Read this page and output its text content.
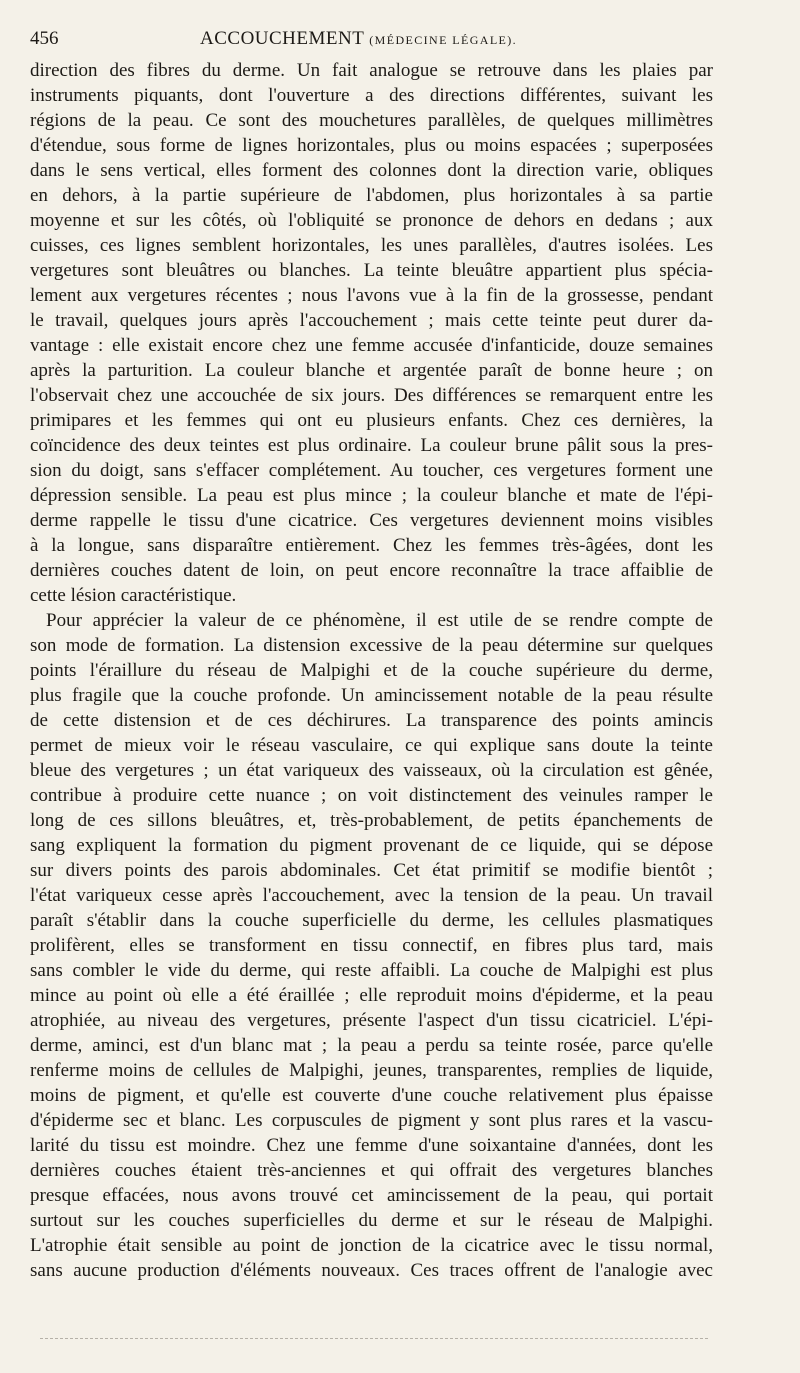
456	ACCOUCHEMENT (MÉDECINE LÉGALE).
direction des fibres du derme. Un fait analogue se retrouve dans les plaies par
instruments piquants, dont l'ouverture a des directions différentes, suivant les
régions de la peau. Ce sont des mouchetures parallèles, de quelques millimètres
d'étendue, sous forme de lignes horizontales, plus ou moins espacées ; superposées
dans le sens vertical, elles forment des colonnes dont la direction varie, obliques
en dehors, à la partie supérieure de l'abdomen, plus horizontales à sa partie
moyenne et sur les côtés, où l'obliquité se prononce de dehors en dedans ; aux
cuisses, ces lignes semblent horizontales, les unes parallèles, d'autres isolées. Les
vergetures sont bleuâtres ou blanches. La teinte bleuâtre appartient plus spécia-
lement aux vergetures récentes ; nous l'avons vue à la fin de la grossesse, pendant
le travail, quelques jours après l'accouchement ; mais cette teinte peut durer da-
vantage : elle existait encore chez une femme accusée d'infanticide, douze semaines
après la parturition. La couleur blanche et argentée paraît de bonne heure ; on
l'observait chez une accouchée de six jours. Des différences se remarquent entre les
primipares et les femmes qui ont eu plusieurs enfants. Chez ces dernières, la
coïncidence des deux teintes est plus ordinaire. La couleur brune pâlit sous la pres-
sion du doigt, sans s'effacer complétement. Au toucher, ces vergetures forment une
dépression sensible. La peau est plus mince ; la couleur blanche et mate de l'épi-
derme rappelle le tissu d'une cicatrice. Ces vergetures deviennent moins visibles
à la longue, sans disparaître entièrement. Chez les femmes très-âgées, dont les
dernières couches datent de loin, on peut encore reconnaître la trace affaiblie de
cette lésion caractéristique.
Pour apprécier la valeur de ce phénomène, il est utile de se rendre compte de
son mode de formation. La distension excessive de la peau détermine sur quelques
points l'éraillure du réseau de Malpighi et de la couche supérieure du derme,
plus fragile que la couche profonde. Un amincissement notable de la peau résulte
de cette distension et de ces déchirures. La transparence des points amincis
permet de mieux voir le réseau vasculaire, ce qui explique sans doute la teinte
bleue des vergetures ; un état variqueux des vaisseaux, où la circulation est gênée,
contribue à produire cette nuance ; on voit distinctement des veinules ramper le
long de ces sillons bleuâtres, et, très-probablement, de petits épanchements de
sang expliquent la formation du pigment provenant de ce liquide, qui se dépose
sur divers points des parois abdominales. Cet état primitif se modifie bientôt ;
l'état variqueux cesse après l'accouchement, avec la tension de la peau. Un travail
paraît s'établir dans la couche superficielle du derme, les cellules plasmatiques
prolifèrent, elles se transforment en tissu connectif, en fibres plus tard, mais
sans combler le vide du derme, qui reste affaibli. La couche de Malpighi est plus
mince au point où elle a été éraillée ; elle reproduit moins d'épiderme, et la peau
atrophiée, au niveau des vergetures, présente l'aspect d'un tissu cicatriciel. L'épi-
derme, aminci, est d'un blanc mat ; la peau a perdu sa teinte rosée, parce qu'elle
renferme moins de cellules de Malpighi, jeunes, transparentes, remplies de liquide,
moins de pigment, et qu'elle est couverte d'une couche relativement plus épaisse
d'épiderme sec et blanc. Les corpuscules de pigment y sont plus rares et la vascu-
larité du tissu est moindre. Chez une femme d'une soixantaine d'années, dont les
dernières couches étaient très-anciennes et qui offrait des vergetures blanches
presque effacées, nous avons trouvé cet amincissement de la peau, qui portait
surtout sur les couches superficielles du derme et sur le réseau de Malpighi.
L'atrophie était sensible au point de jonction de la cicatrice avec le tissu normal,
sans aucune production d'éléments nouveaux. Ces traces offrent de l'analogie avec
